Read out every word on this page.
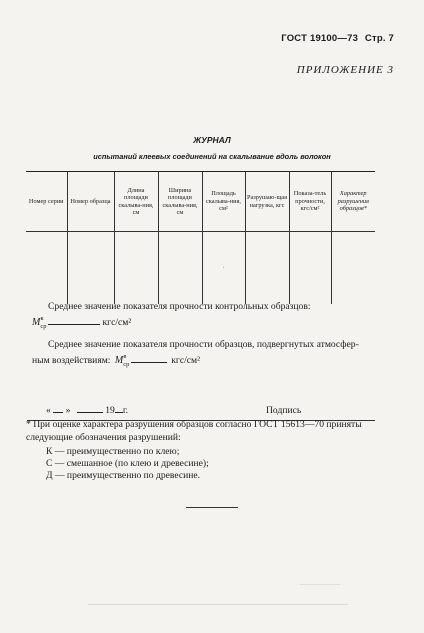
ГОСТ 19100—73 Стр. 7
ПРИЛОЖЕНИЕ 3
ЖУРНАЛ
испытаний клеевых соединений на скалывание вдоль волокон
Номер серии	Номер образца	Длина площади скалыва-ния, см	Ширина площади скалыва-ния, см	Площадь скалыва-ния, см²	Разрушаю-щая нагрузка, кгс	Показа-тель прочности, кгс/см²	Характер разрушения образцов*
				·			
Среднее значение показателя прочности контрольных образцов:
$М_{ср}^к$	кгс/см²
Среднее значение показателя прочности образцов, подвергнутых атмосфер-
ным воздействиям: $М_{ср}^в$	кгс/см²
« »	19 г.	Подпись
* При оценке характера разрушения образцов согласно ГОСТ 15613—70 приняты
следующие обозначения разрушений:
К — преимущественно по клею;
С — смешанное (по клею и древесине);
Д — преимущественно по древесине.
